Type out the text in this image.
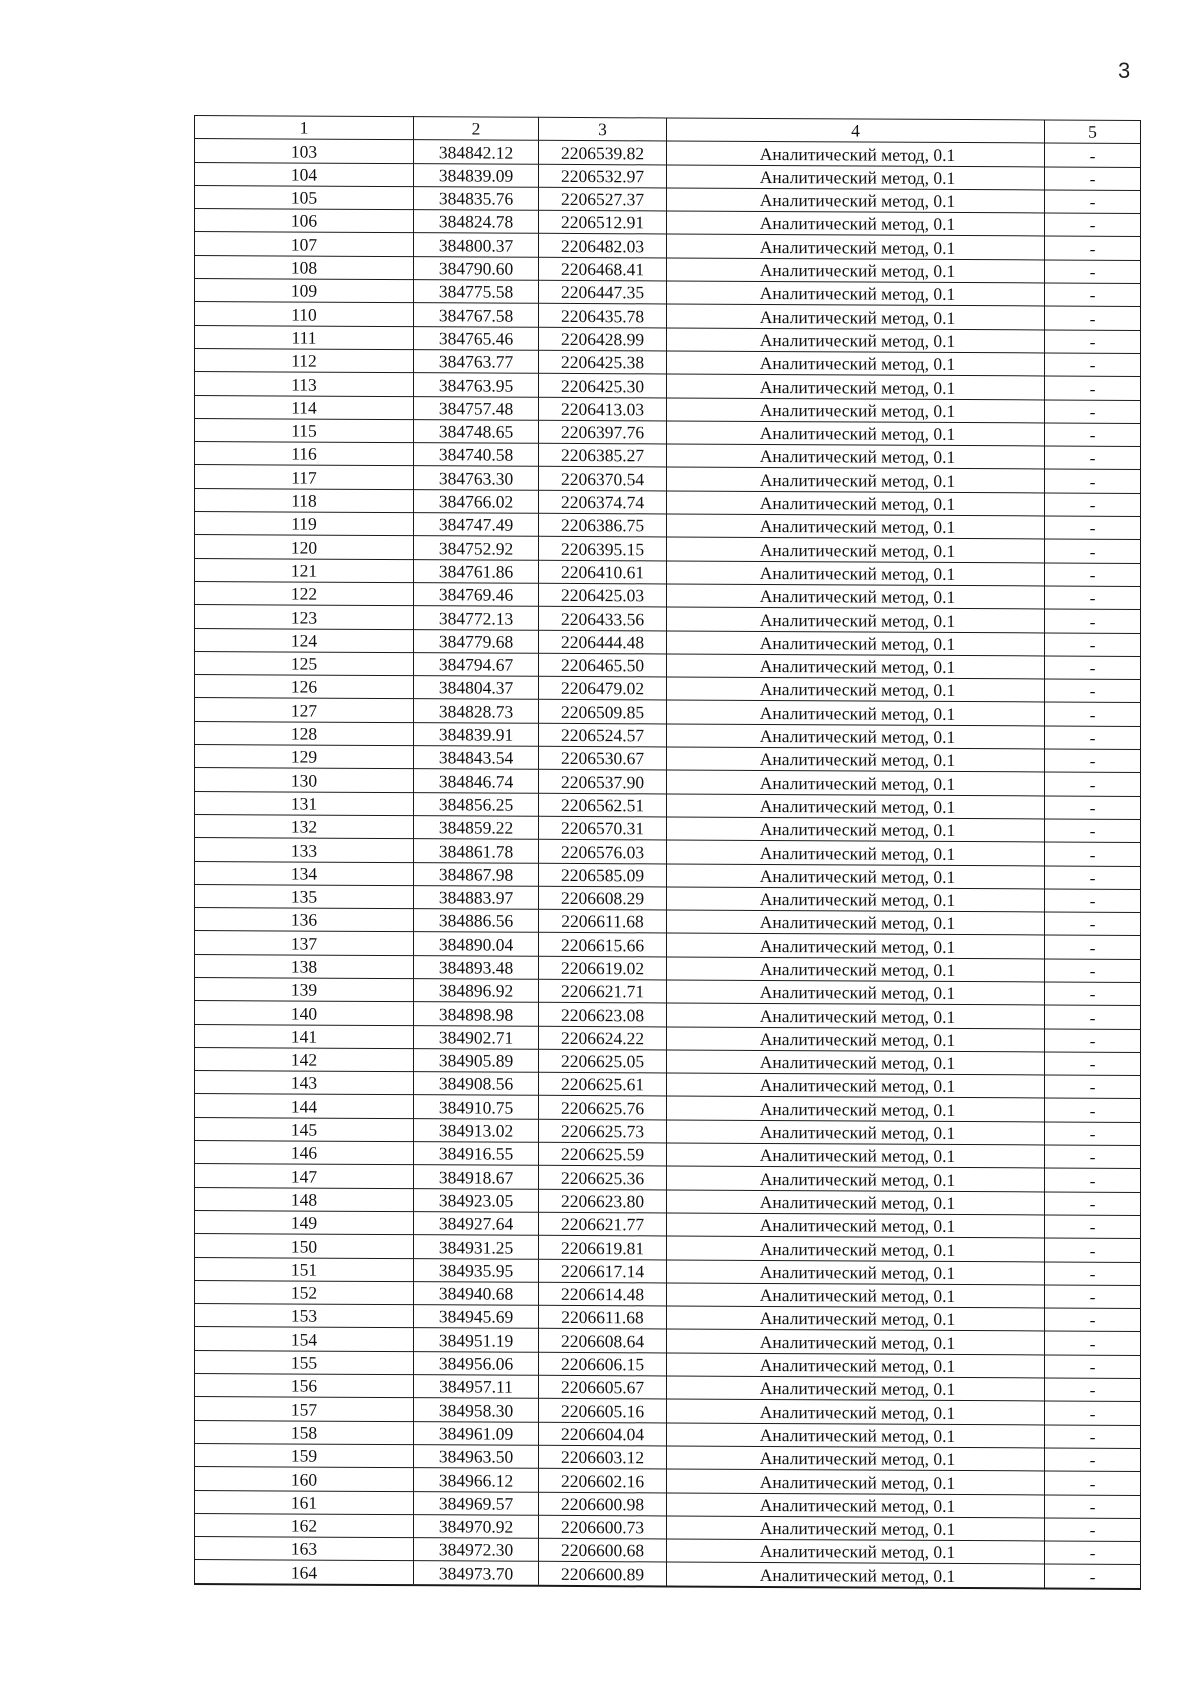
3
1	2	3	4	5
103	384842.12	2206539.82	Аналитический метод, 0.1	-
104	384839.09	2206532.97	Аналитический метод, 0.1	-
105	384835.76	2206527.37	Аналитический метод, 0.1	-
106	384824.78	2206512.91	Аналитический метод, 0.1	-
107	384800.37	2206482.03	Аналитический метод, 0.1	-
108	384790.60	2206468.41	Аналитический метод, 0.1	-
109	384775.58	2206447.35	Аналитический метод, 0.1	-
110	384767.58	2206435.78	Аналитический метод, 0.1	-
111	384765.46	2206428.99	Аналитический метод, 0.1	-
112	384763.77	2206425.38	Аналитический метод, 0.1	-
113	384763.95	2206425.30	Аналитический метод, 0.1	-
114	384757.48	2206413.03	Аналитический метод, 0.1	-
115	384748.65	2206397.76	Аналитический метод, 0.1	-
116	384740.58	2206385.27	Аналитический метод, 0.1	-
117	384763.30	2206370.54	Аналитический метод, 0.1	-
118	384766.02	2206374.74	Аналитический метод, 0.1	-
119	384747.49	2206386.75	Аналитический метод, 0.1	-
120	384752.92	2206395.15	Аналитический метод, 0.1	-
121	384761.86	2206410.61	Аналитический метод, 0.1	-
122	384769.46	2206425.03	Аналитический метод, 0.1	-
123	384772.13	2206433.56	Аналитический метод, 0.1	-
124	384779.68	2206444.48	Аналитический метод, 0.1	-
125	384794.67	2206465.50	Аналитический метод, 0.1	-
126	384804.37	2206479.02	Аналитический метод, 0.1	-
127	384828.73	2206509.85	Аналитический метод, 0.1	-
128	384839.91	2206524.57	Аналитический метод, 0.1	-
129	384843.54	2206530.67	Аналитический метод, 0.1	-
130	384846.74	2206537.90	Аналитический метод, 0.1	-
131	384856.25	2206562.51	Аналитический метод, 0.1	-
132	384859.22	2206570.31	Аналитический метод, 0.1	-
133	384861.78	2206576.03	Аналитический метод, 0.1	-
134	384867.98	2206585.09	Аналитический метод, 0.1	-
135	384883.97	2206608.29	Аналитический метод, 0.1	-
136	384886.56	2206611.68	Аналитический метод, 0.1	-
137	384890.04	2206615.66	Аналитический метод, 0.1	-
138	384893.48	2206619.02	Аналитический метод, 0.1	-
139	384896.92	2206621.71	Аналитический метод, 0.1	-
140	384898.98	2206623.08	Аналитический метод, 0.1	-
141	384902.71	2206624.22	Аналитический метод, 0.1	-
142	384905.89	2206625.05	Аналитический метод, 0.1	-
143	384908.56	2206625.61	Аналитический метод, 0.1	-
144	384910.75	2206625.76	Аналитический метод, 0.1	-
145	384913.02	2206625.73	Аналитический метод, 0.1	-
146	384916.55	2206625.59	Аналитический метод, 0.1	-
147	384918.67	2206625.36	Аналитический метод, 0.1	-
148	384923.05	2206623.80	Аналитический метод, 0.1	-
149	384927.64	2206621.77	Аналитический метод, 0.1	-
150	384931.25	2206619.81	Аналитический метод, 0.1	-
151	384935.95	2206617.14	Аналитический метод, 0.1	-
152	384940.68	2206614.48	Аналитический метод, 0.1	-
153	384945.69	2206611.68	Аналитический метод, 0.1	-
154	384951.19	2206608.64	Аналитический метод, 0.1	-
155	384956.06	2206606.15	Аналитический метод, 0.1	-
156	384957.11	2206605.67	Аналитический метод, 0.1	-
157	384958.30	2206605.16	Аналитический метод, 0.1	-
158	384961.09	2206604.04	Аналитический метод, 0.1	-
159	384963.50	2206603.12	Аналитический метод, 0.1	-
160	384966.12	2206602.16	Аналитический метод, 0.1	-
161	384969.57	2206600.98	Аналитический метод, 0.1	-
162	384970.92	2206600.73	Аналитический метод, 0.1	-
163	384972.30	2206600.68	Аналитический метод, 0.1	-
164	384973.70	2206600.89	Аналитический метод, 0.1	-
